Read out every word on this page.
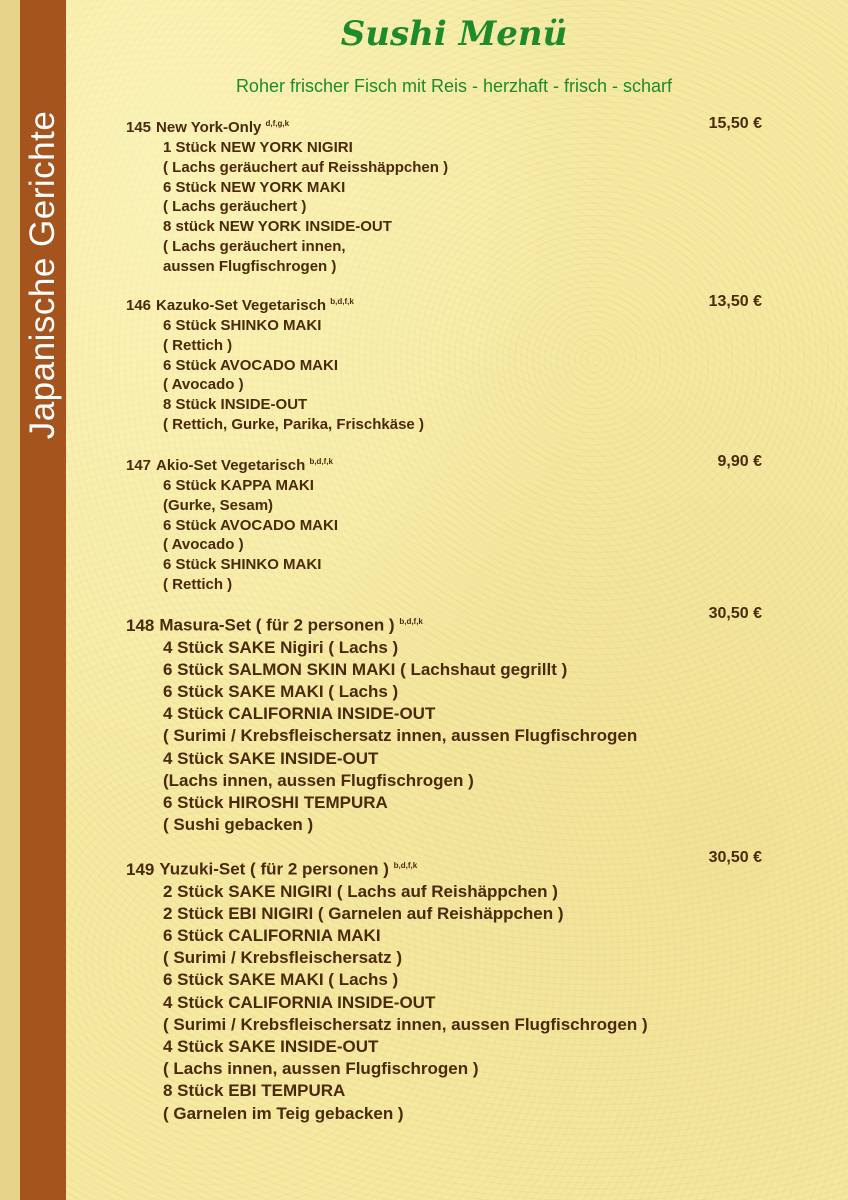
Japanische Gerichte
Sushi Menü
Roher frischer Fisch mit Reis - herzhaft - frisch - scharf
145 New York-Only $^{d,f,g,k}$	15,50 €
1 Stück NEW YORK NIGIRI
( Lachs geräuchert auf Reisshäppchen )
6 Stück NEW YORK MAKI
( Lachs geräuchert )
8 stück NEW YORK INSIDE-OUT
( Lachs geräuchert innen,
aussen Flugfischrogen )
146 Kazuko-Set Vegetarisch $^{b,d,f,k}$	13,50 €
6 Stück SHINKO MAKI
( Rettich )
6 Stück AVOCADO MAKI
( Avocado )
8 Stück INSIDE-OUT
( Rettich, Gurke, Parika, Frischkäse )
147 Akio-Set Vegetarisch $^{b,d,f,k}$	9,90 €
6 Stück KAPPA MAKI
(Gurke, Sesam)
6 Stück AVOCADO MAKI
( Avocado )
6 Stück SHINKO MAKI
( Rettich )
148 Masura-Set ( für 2 personen ) $^{b,d,f,k}$	30,50 €
4 Stück SAKE Nigiri ( Lachs )
6 Stück SALMON SKIN MAKI ( Lachshaut gegrillt )
6 Stück SAKE MAKI ( Lachs )
4 Stück CALIFORNIA INSIDE-OUT
( Surimi / Krebsfleischersatz innen, aussen Flugfischrogen
4 Stück SAKE INSIDE-OUT
(Lachs innen, aussen Flugfischrogen )
6 Stück HIROSHI TEMPURA
( Sushi gebacken )
149 Yuzuki-Set ( für 2 personen ) $^{b,d,f,k}$	30,50 €
2 Stück SAKE NIGIRI ( Lachs auf Reishäppchen )
2 Stück EBI NIGIRI ( Garnelen auf Reishäppchen )
6 Stück CALIFORNIA MAKI
( Surimi / Krebsfleischersatz )
6 Stück SAKE MAKI ( Lachs )
4 Stück CALIFORNIA INSIDE-OUT
( Surimi / Krebsfleischersatz innen, aussen Flugfischrogen )
4 Stück SAKE INSIDE-OUT
( Lachs innen, aussen Flugfischrogen )
8 Stück EBI TEMPURA
( Garnelen im Teig gebacken )
